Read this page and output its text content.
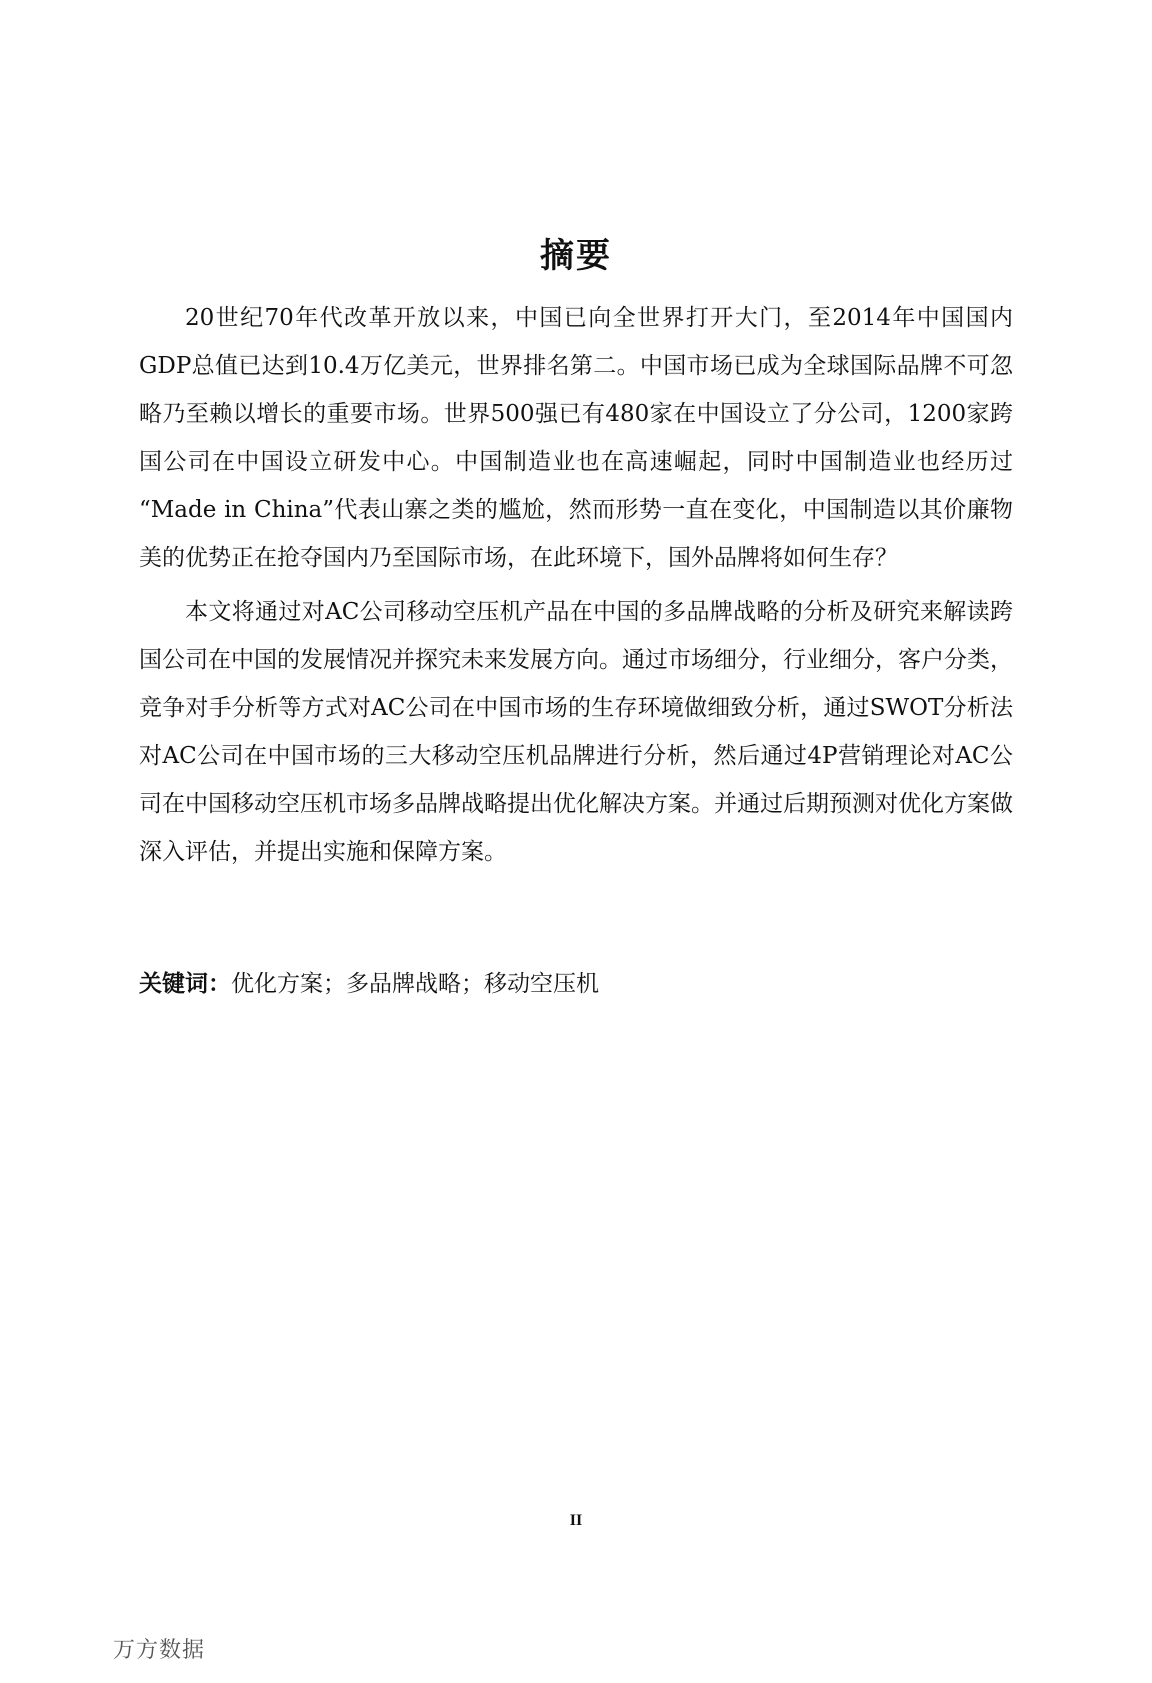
摘要

20世纪70年代改革开放以来，中国已向全世界打开大门，至2014年中国国内GDP总值已达到10.4万亿美元，世界排名第二。中国市场已成为全球国际品牌不可忽略乃至赖以增长的重要市场。世界500强已有480家在中国设立了分公司，1200家跨国公司在中国设立研发中心。中国制造业也在高速崛起，同时中国制造业也经历过 “Made in China”代表山寨之类的尴尬，然而形势一直在变化，中国制造以其价廉物美的优势正在抢夺国内乃至国际市场，在此环境下，国外品牌将如何生存？

本文将通过对AC公司移动空压机产品在中国的多品牌战略的分析及研究来解读跨国公司在中国的发展情况并探究未来发展方向。通过市场细分，行业细分，客户分类，竞争对手分析等方式对AC公司在中国市场的生存环境做细致分析，通过SWOT分析法对AC公司在中国市场的三大移动空压机品牌进行分析，然后通过4P营销理论对AC公司在中国移动空压机市场多品牌战略提出优化解决方案。并通过后期预测对优化方案做深入评估，并提出实施和保障方案。

关键词：优化方案；多品牌战略；移动空压机
II
万方数据
